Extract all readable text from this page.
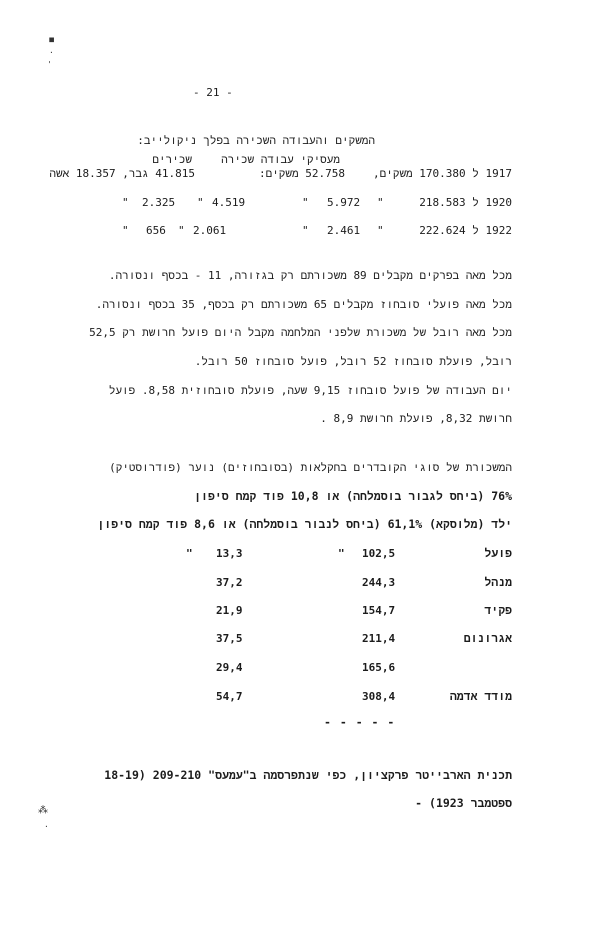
▪
·
'
⁂
·
- 21 -
המשקים והעבודה השכירה בפלך ניקולייב:
מעסיקי עבודה שכירה
שכירים
1917 ל 170.380 משקים,
52.758 משקים:
41.815 גבר, 18.357 אשה
1920 ל 218.583
"
5.972
"
4.519
"
2.325
"
1922 ל 222.624
"
2.461
"
2.061
"
656
"
מכל מאה בפרקים מקבלים 89 משכורתם רק בגזורה, 11 - בכסף ונסורה.
מכל מאה פועלי סובחוז מקבלים 65 משכורתם רק בכסף, 35 בכסף ונסורה.
מכל מאה רובל של משכורת שלפני המלחמה מקבל היום פועל חרושת רק 52,5
רובל, פועלת סובחוז 52 רובל, פועל סובחוז 50 רובל.
יום העבודה של פועל סובחוז 9,15 שעה, פועלת סובחוזית 8,58. פועל
חרושת 8,32, פועלת חרושת 8,9 .
המשכורת של סוגי הקובדרים בחקלאות (בסובחוזים) נוער (פודרוסטיק)
76% (ביחס לגבור בוסמלחה) או 10,8 פוד קמח סיפון
ילד (מלוסקא) 61,1% (ביחס לנבור בוסמלחה) או 8,6 פוד קמח סיפון
פועל
102,5
"
13,3
"
מנהל
244,3
37,2
פקיד
154,7
21,9
אגרונום
211,4
37,5
165,6
29,4
מודד אדמה
308,4
54,7
- - - - -
תכנית הארבייטר פרקציון, כפי שנתפרסמה ב"עמעס" 209-210 (18-19
ספטמבר 1923) -
